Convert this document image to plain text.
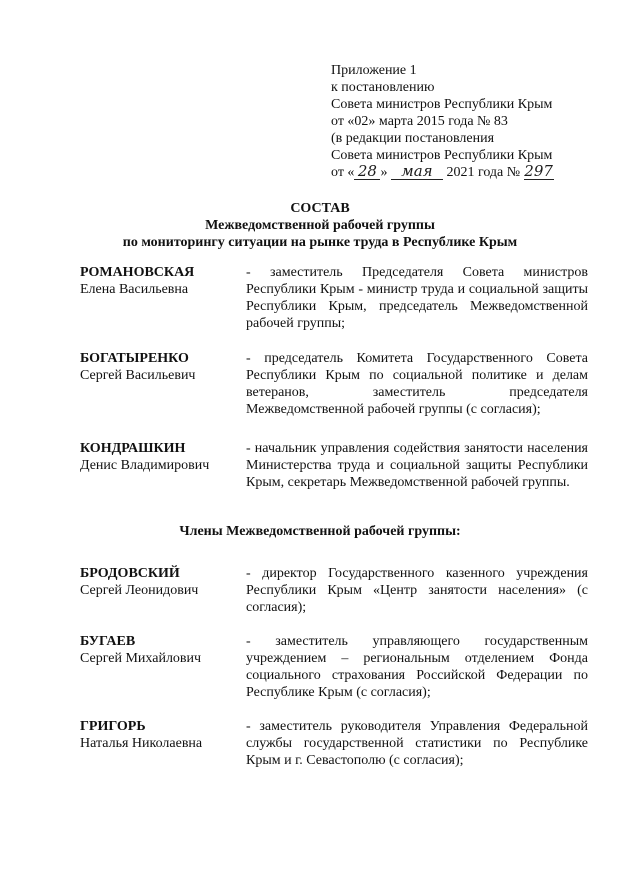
Приложение 1
к постановлению
Совета министров Республики Крым
от «02» марта 2015 года № 83
(в редакции постановления
Совета министров Республики Крым
от « 28 » мая 2021 года № 297
СОСТАВ
Межведомственной рабочей группы
по мониторингу ситуации на рынке труда в Республике Крым
РОМАНОВСКАЯ
Елена Васильевна
- заместитель Председателя Совета министров Республики Крым - министр труда и социальной защиты Республики Крым, председатель Межведомственной рабочей группы;
БОГАТЫРЕНКО
Сергей Васильевич
- председатель Комитета Государственного Совета Республики Крым по социальной политике и делам ветеранов, заместитель председателя Межведомственной рабочей группы (с согласия);
КОНДРАШКИН
Денис Владимирович
- начальник управления содействия занятости населения Министерства труда и социальной защиты Республики Крым, секретарь Межведомственной рабочей группы.
Члены Межведомственной рабочей группы:
БРОДОВСКИЙ
Сергей Леонидович
- директор Государственного казенного учреждения Республики Крым «Центр занятости населения» (с согласия);
БУГАЕВ
Сергей Михайлович
- заместитель управляющего государственным учреждением – региональным отделением Фонда социального страхования Российской Федерации по Республике Крым (с согласия);
ГРИГОРЬ
Наталья Николаевна
- заместитель руководителя Управления Федеральной службы государственной статистики по Республике Крым и г. Севастополю (с согласия);
